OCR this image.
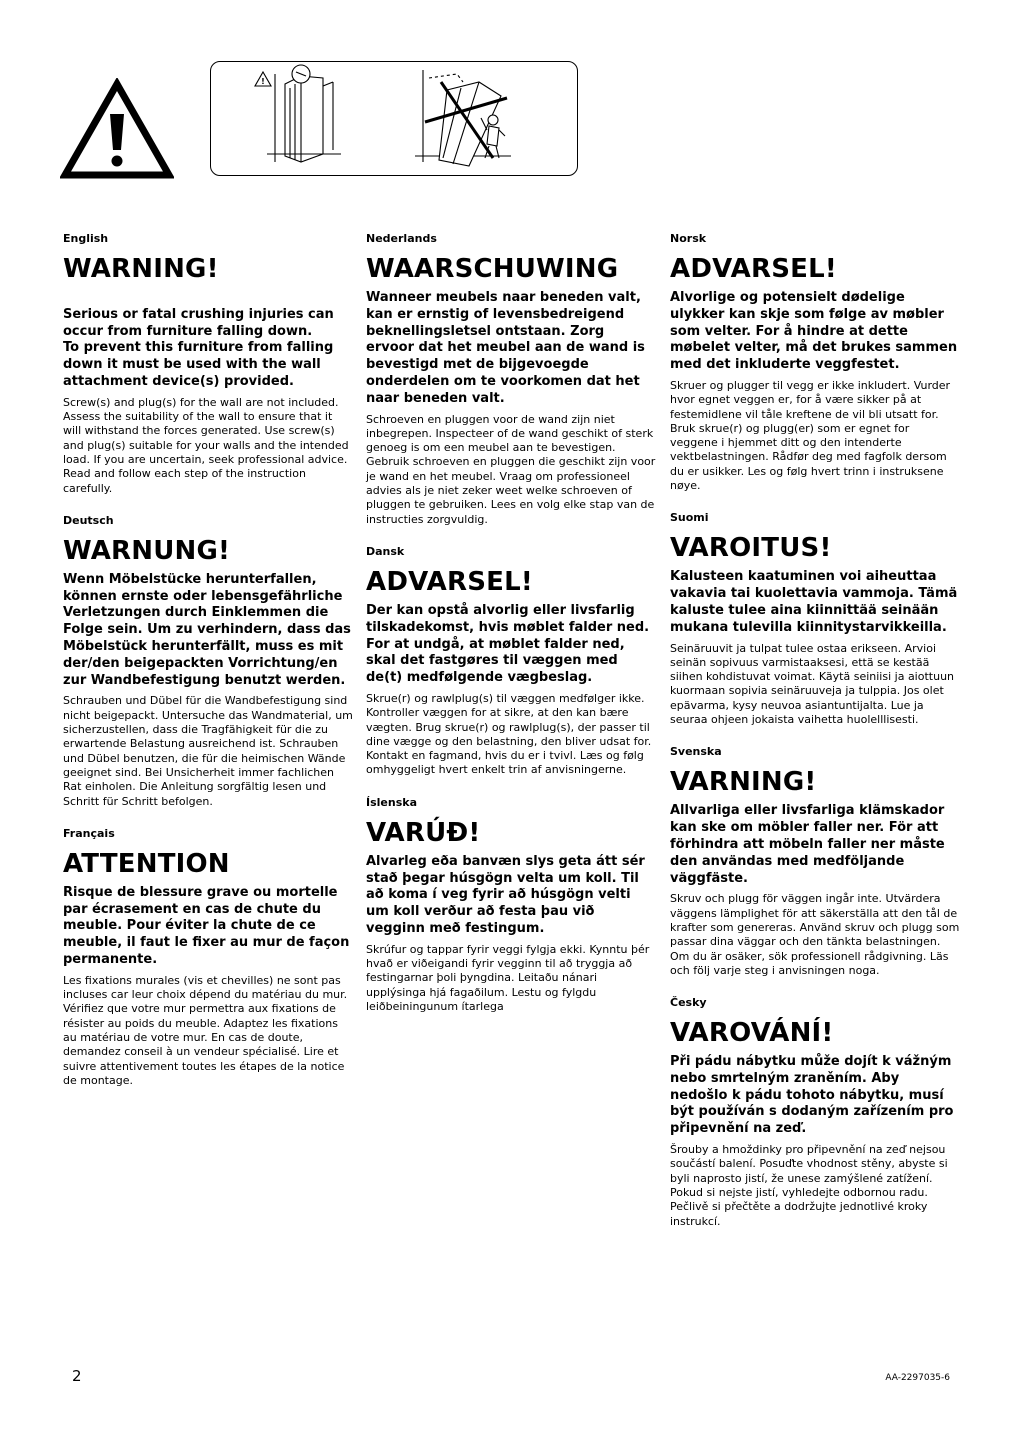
!
English
WARNING!

Serious or fatal crushing injuries can occur from furniture falling down.
To prevent this furniture from falling down it must be used with the wall attachment device(s) provided.

Screw(s) and plug(s) for the wall are not included. Assess the suitability of the wall to ensure that it will withstand the forces generated. Use screw(s) and plug(s) suitable for your walls and the intended load. If you are uncertain, seek professional advice. Read and follow each step of the instruction carefully.

Deutsch
WARNUNG!
Wenn Möbelstücke herunterfallen, können ernste oder lebensgefährliche Verletzungen durch Einklemmen die Folge sein. Um zu verhindern, dass das Möbelstück herunterfällt, muss es mit der/den beigepackten Vorrichtung/en zur Wandbefestigung benutzt werden.

Schrauben und Dübel für die Wandbefestigung sind nicht beigepackt. Untersuche das Wandmaterial, um sicherzustellen, dass die Tragfähigkeit für die zu erwartende Belastung ausreichend ist. Schrauben und Dübel benutzen, die für die heimischen Wände geeignet sind. Bei Unsicherheit immer fachlichen Rat einholen. Die Anleitung sorgfältig lesen und Schritt für Schritt befolgen.

Français
ATTENTION
Risque de blessure grave ou mortelle par écrasement en cas de chute du meuble. Pour éviter la chute de ce meuble, il faut le fixer au mur de façon permanente.

Les fixations murales (vis et chevilles) ne sont pas incluses car leur choix dépend du matériau du mur. Vérifiez que votre mur permettra aux fixations de résister au poids du meuble. Adaptez les fixations au matériau de votre mur. En cas de doute, demandez conseil à un vendeur spécialisé. Lire et suivre attentivement toutes les étapes de la notice de montage.

Nederlands
WAARSCHUWING
Wanneer meubels naar beneden valt, kan er ernstig of levensbedreigend beknellingsletsel ontstaan. Zorg ervoor dat het meubel aan de wand is bevestigd met de bijgevoegde onderdelen om te voorkomen dat het naar beneden valt.

Schroeven en pluggen voor de wand zijn niet inbegrepen. Inspecteer of de wand geschikt of sterk genoeg is om een meubel aan te bevestigen. Gebruik schroeven en pluggen die geschikt zijn voor je wand en het meubel. Vraag om professioneel advies als je niet zeker weet welke schroeven of pluggen te gebruiken. Lees en volg elke stap van de instructies zorgvuldig.

Dansk
ADVARSEL!
Der kan opstå alvorlig eller livsfarlig tilskadekomst, hvis møblet falder ned. For at undgå, at møblet falder ned, skal det fastgøres til væggen med de(t) medfølgende vægbeslag.

Skrue(r) og rawlplug(s) til væggen medfølger ikke. Kontroller væggen for at sikre, at den kan bære vægten. Brug skrue(r) og rawlplug(s), der passer til dine vægge og den belastning, den bliver udsat for. Kontakt en fagmand, hvis du er i tvivl. Læs og følg omhyggeligt hvert enkelt trin af anvisningerne.

Íslenska
VARÚÐ!
Alvarleg eða banvæn slys geta átt sér stað þegar húsgögn velta um koll. Til að koma í veg fyrir að húsgögn velti um koll verður að festa þau við vegginn með festingum.

Skrúfur og tappar fyrir veggi fylgja ekki. Kynntu þér hvað er viðeigandi fyrir vegginn til að tryggja að festingarnar þoli þyngdina. Leitaðu nánari upplýsinga hjá fagaðilum. Lestu og fylgdu leiðbeiningunum ítarlega

Norsk
ADVARSEL!
Alvorlige og potensielt dødelige ulykker kan skje som følge av møbler som velter. For å hindre at dette møbelet velter, må det brukes sammen med det inkluderte veggfestet.

Skruer og plugger til vegg er ikke inkludert. Vurder hvor egnet veggen er, for å være sikker på at festemidlene vil tåle kreftene de vil bli utsatt for. Bruk skrue(r) og plugg(er) som er egnet for veggene i hjemmet ditt og den intenderte vektbelastningen. Rådfør deg med fagfolk dersom du er usikker. Les og følg hvert trinn i instruksene nøye.

Suomi
VAROITUS!
Kalusteen kaatuminen voi aiheuttaa vakavia tai kuolettavia vammoja. Tämä kaluste tulee aina kiinnittää seinään mukana tulevilla kiinnitystarvikkeilla.

Seinäruuvit ja tulpat tulee ostaa erikseen. Arvioi seinän sopivuus varmistaaksesi, että se kestää siihen kohdistuvat voimat. Käytä seiniisi ja aiottuun kuormaan sopivia seinäruuveja ja tulppia. Jos olet epävarma, kysy neuvoa asiantuntijalta. Lue ja seuraa ohjeen jokaista vaihetta huolelllisesti.

Svenska
VARNING!
Allvarliga eller livsfarliga klämskador kan ske om möbler faller ner. För att förhindra att möbeln faller ner måste den användas med medföljande väggfäste.

Skruv och plugg för väggen ingår inte. Utvärdera väggens lämplighet för att säkerställa att den tål de krafter som genereras. Använd skruv och plugg som passar dina väggar och den tänkta belastningen. Om du är osäker, sök professionell rådgivning. Läs och följ varje steg i anvisningen noga.

Česky
VAROVÁNÍ!
Při pádu nábytku může dojít k vážným nebo smrtelným zraněním. Aby nedošlo k pádu tohoto nábytku, musí být používán s dodaným zařízením pro připevnění na zeď.

Šrouby a hmoždinky pro připevnění na zeď nejsou součástí balení. Posuďte vhodnost stěny, abyste si byli naprosto jistí, že unese zamýšlené zatížení. Pokud si nejste jistí, vyhledejte odbornou radu. Pečlivě si přečtěte a dodržujte jednotlivé kroky instrukcí.

2	AA-2297035-6
